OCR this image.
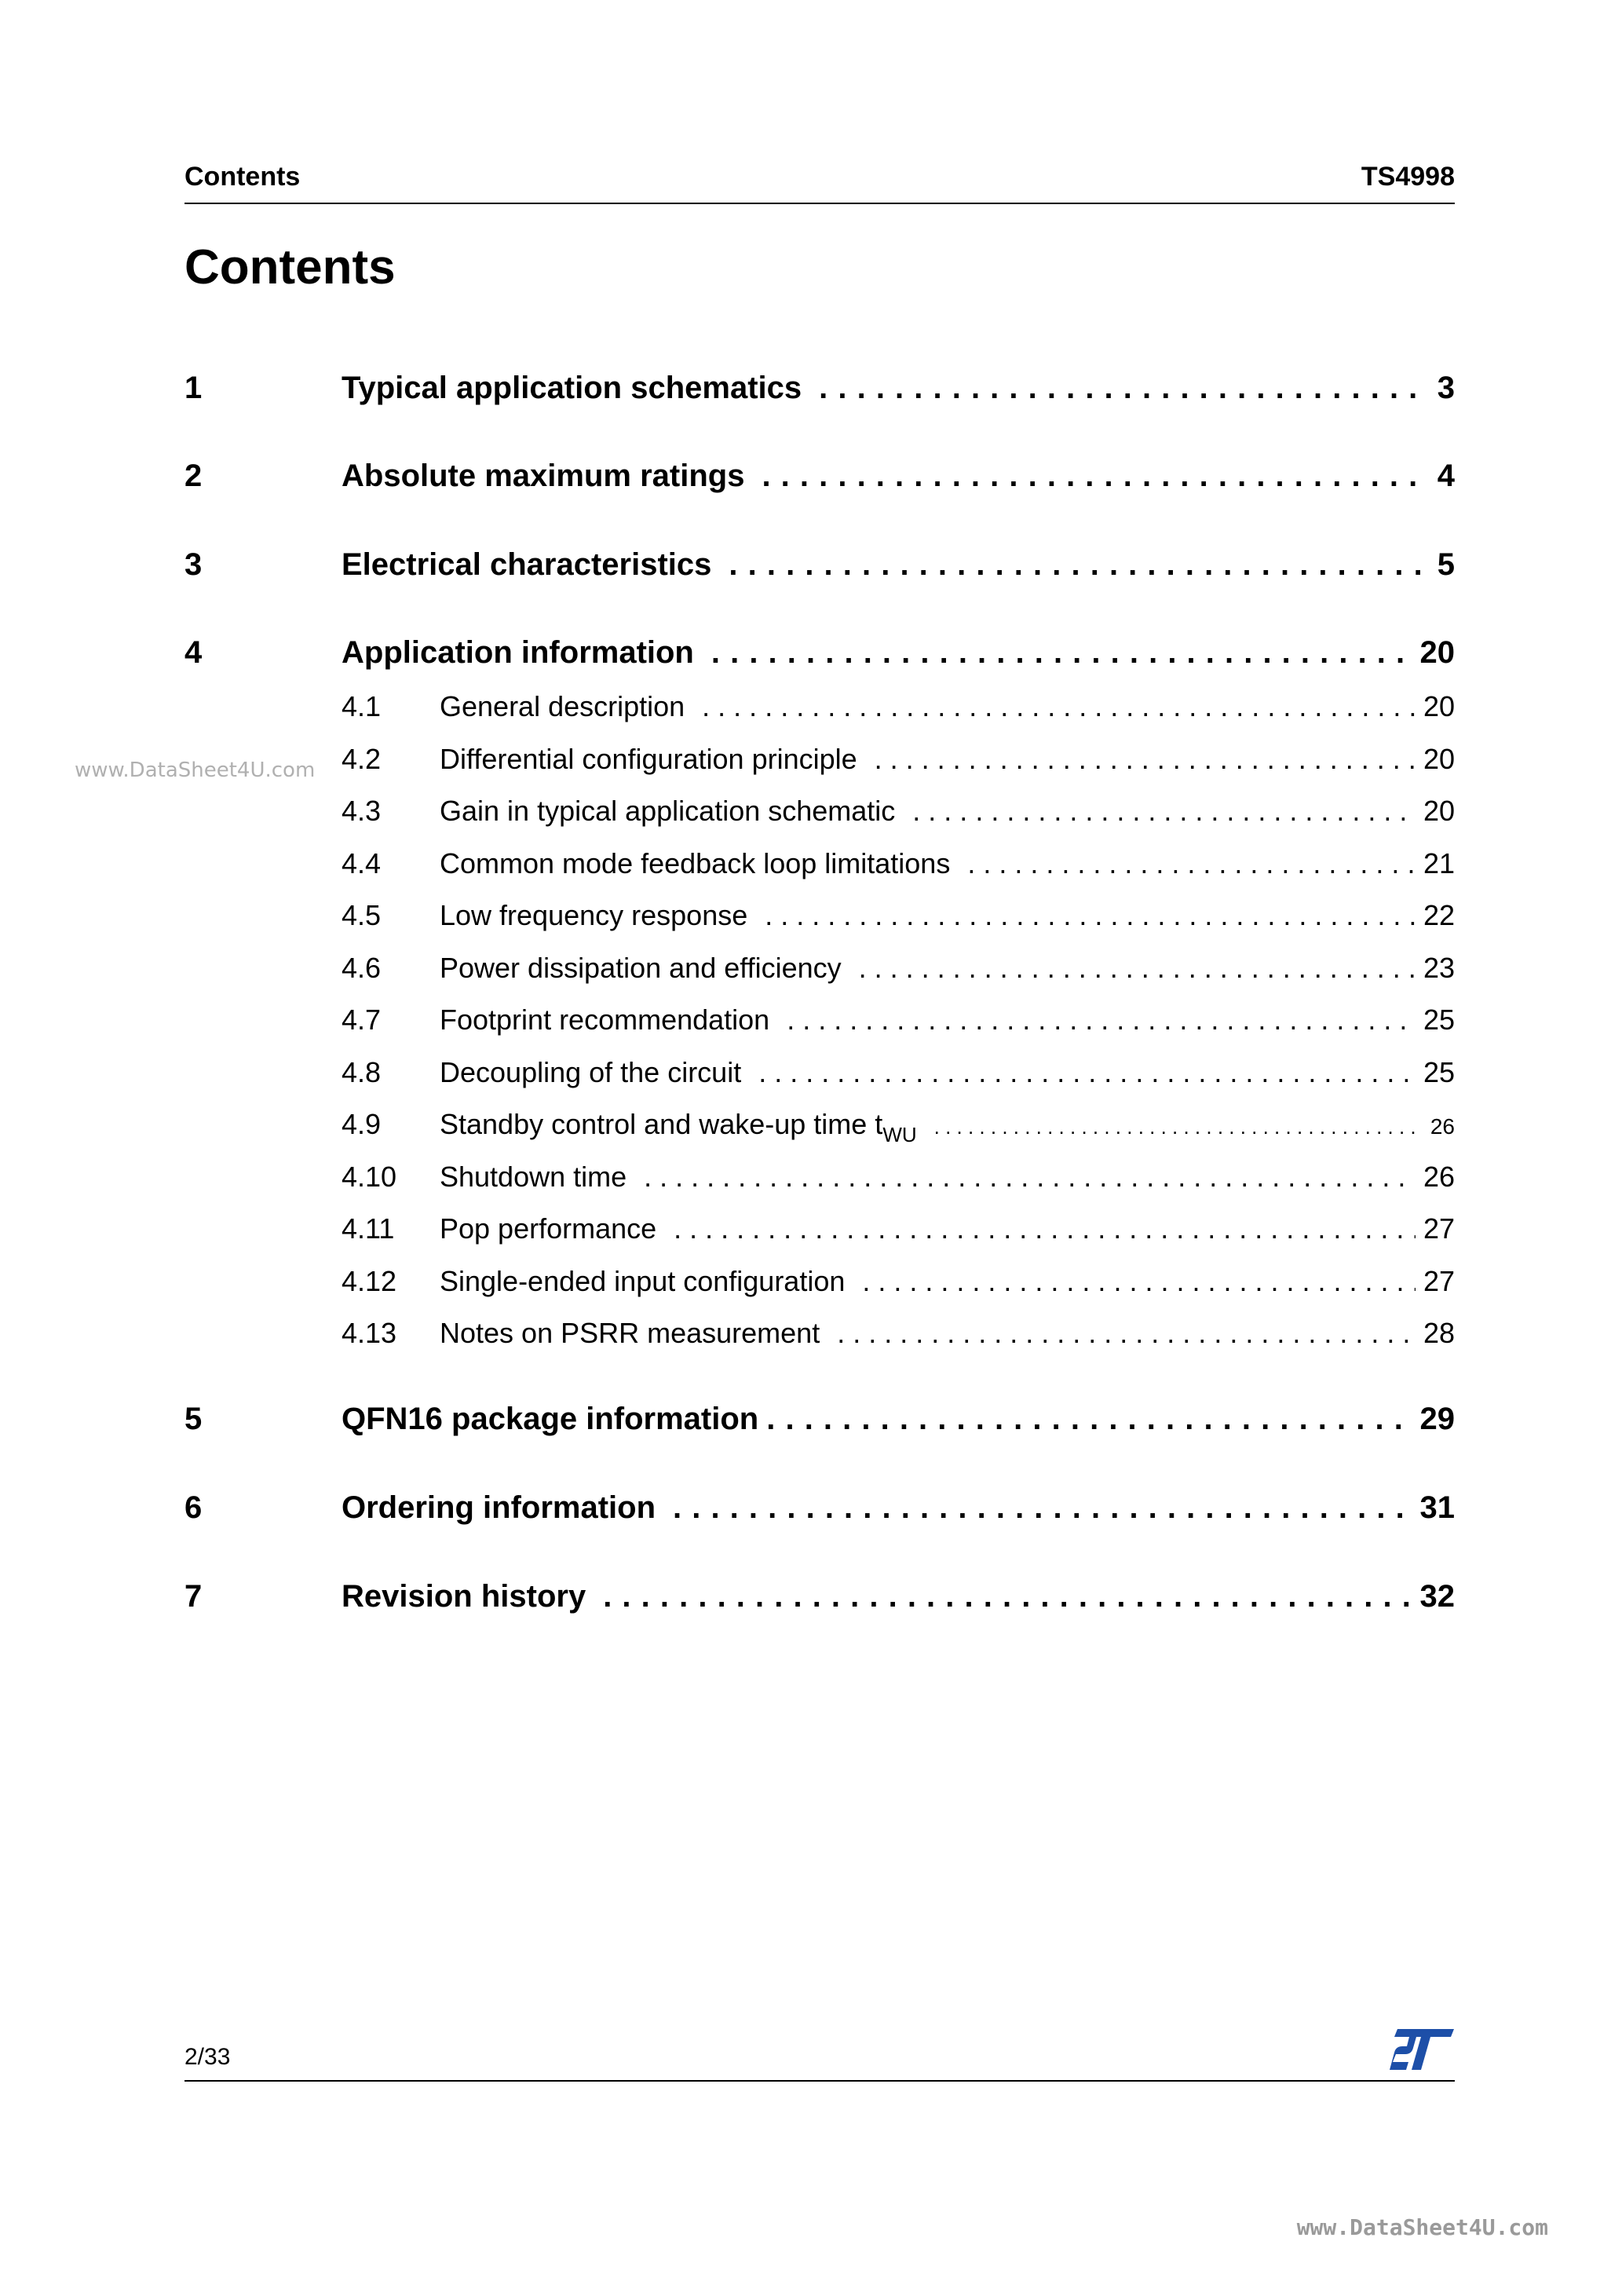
Contents	TS4998
Contents
www.DataSheet4U.com
1	Typical application schematics . . .	3
2	Absolute maximum ratings . . .	4
3	Electrical characteristics . . .	5
4	Application information . . .	20
4.1	General description . . .	20
4.2	Differential configuration principle . . .	20
4.3	Gain in typical application schematic . . .	20
4.4	Common mode feedback loop limitations . . .	21
4.5	Low frequency response . . .	22
4.6	Power dissipation and efficiency . . .	23
4.7	Footprint recommendation . . .	25
4.8	Decoupling of the circuit . . .	25
4.9	Standby control and wake-up time $t_{WU}$ . . .	26
4.10	Shutdown time . . .	26
4.11	Pop performance . . .	27
4.12	Single-ended input configuration . . .	27
4.13	Notes on PSRR measurement . . .	28
5	QFN16 package information . . .	29
6	Ordering information . . .	31
7	Revision history . . .	32
2/33
www.DataSheet4U.com
